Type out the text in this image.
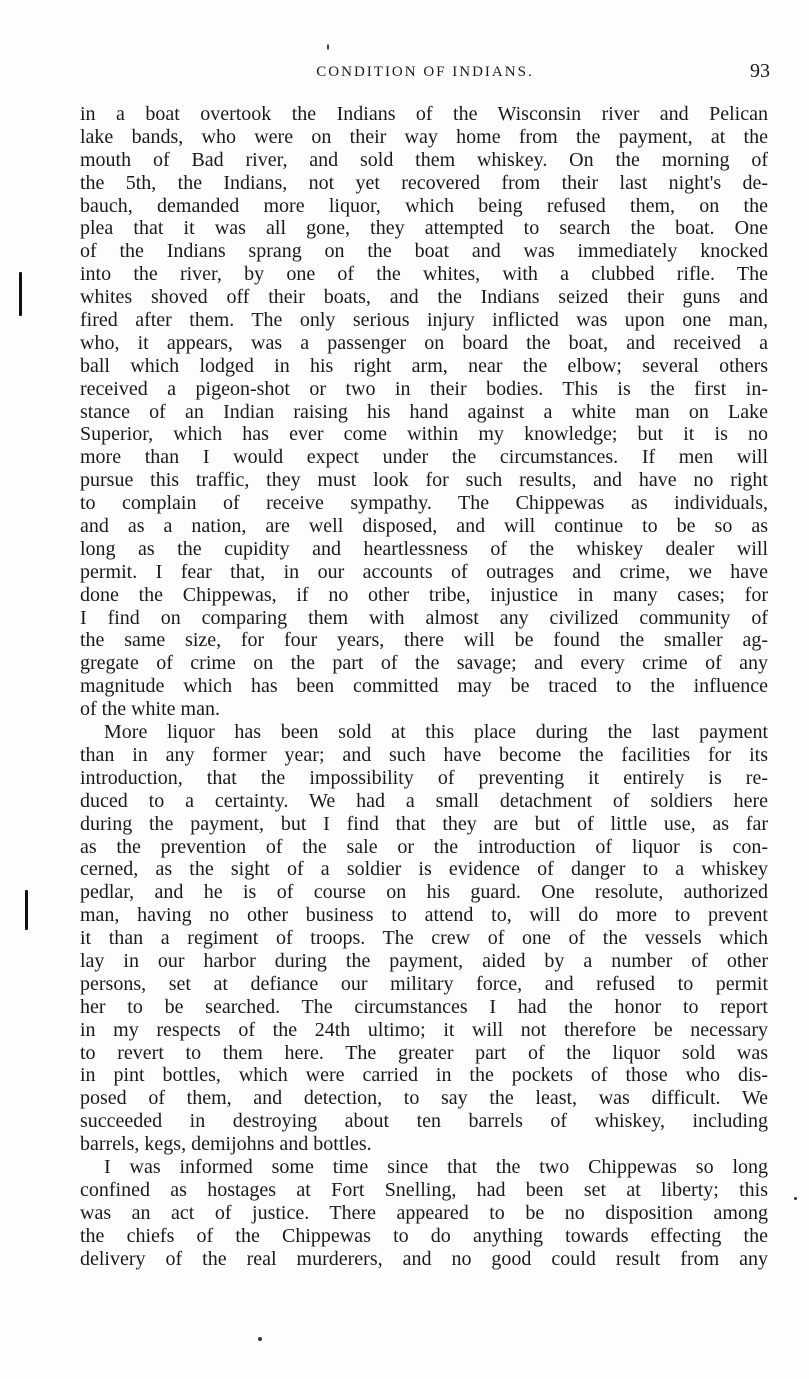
CONDITION OF INDIANS.	93
in a boat overtook the Indians of the Wisconsin river and Pelican
lake bands, who were on their way home from the payment, at the
mouth of Bad river, and sold them whiskey. On the morning of
the 5th, the Indians, not yet recovered from their last night's de-
bauch, demanded more liquor, which being refused them, on the
plea that it was all gone, they attempted to search the boat. One
of the Indians sprang on the boat and was immediately knocked
into the river, by one of the whites, with a clubbed rifle. The
whites shoved off their boats, and the Indians seized their guns and
fired after them. The only serious injury inflicted was upon one man,
who, it appears, was a passenger on board the boat, and received a
ball which lodged in his right arm, near the elbow; several others
received a pigeon-shot or two in their bodies. This is the first in-
stance of an Indian raising his hand against a white man on Lake
Superior, which has ever come within my knowledge; but it is no
more than I would expect under the circumstances. If men will
pursue this traffic, they must look for such results, and have no right
to complain of receive sympathy. The Chippewas as individuals,
and as a nation, are well disposed, and will continue to be so as
long as the cupidity and heartlessness of the whiskey dealer will
permit. I fear that, in our accounts of outrages and crime, we have
done the Chippewas, if no other tribe, injustice in many cases; for
I find on comparing them with almost any civilized community of
the same size, for four years, there will be found the smaller ag-
gregate of crime on the part of the savage; and every crime of any
magnitude which has been committed may be traced to the influence
of the white man.
More liquor has been sold at this place during the last payment
than in any former year; and such have become the facilities for its
introduction, that the impossibility of preventing it entirely is re-
duced to a certainty. We had a small detachment of soldiers here
during the payment, but I find that they are but of little use, as far
as the prevention of the sale or the introduction of liquor is con-
cerned, as the sight of a soldier is evidence of danger to a whiskey
pedlar, and he is of course on his guard. One resolute, authorized
man, having no other business to attend to, will do more to prevent
it than a regiment of troops. The crew of one of the vessels which
lay in our harbor during the payment, aided by a number of other
persons, set at defiance our military force, and refused to permit
her to be searched. The circumstances I had the honor to report
in my respects of the 24th ultimo; it will not therefore be necessary
to revert to them here. The greater part of the liquor sold was
in pint bottles, which were carried in the pockets of those who dis-
posed of them, and detection, to say the least, was difficult. We
succeeded in destroying about ten barrels of whiskey, including
barrels, kegs, demijohns and bottles.
I was informed some time since that the two Chippewas so long
confined as hostages at Fort Snelling, had been set at liberty; this
was an act of justice. There appeared to be no disposition among
the chiefs of the Chippewas to do anything towards effecting the
delivery of the real murderers, and no good could result from any
